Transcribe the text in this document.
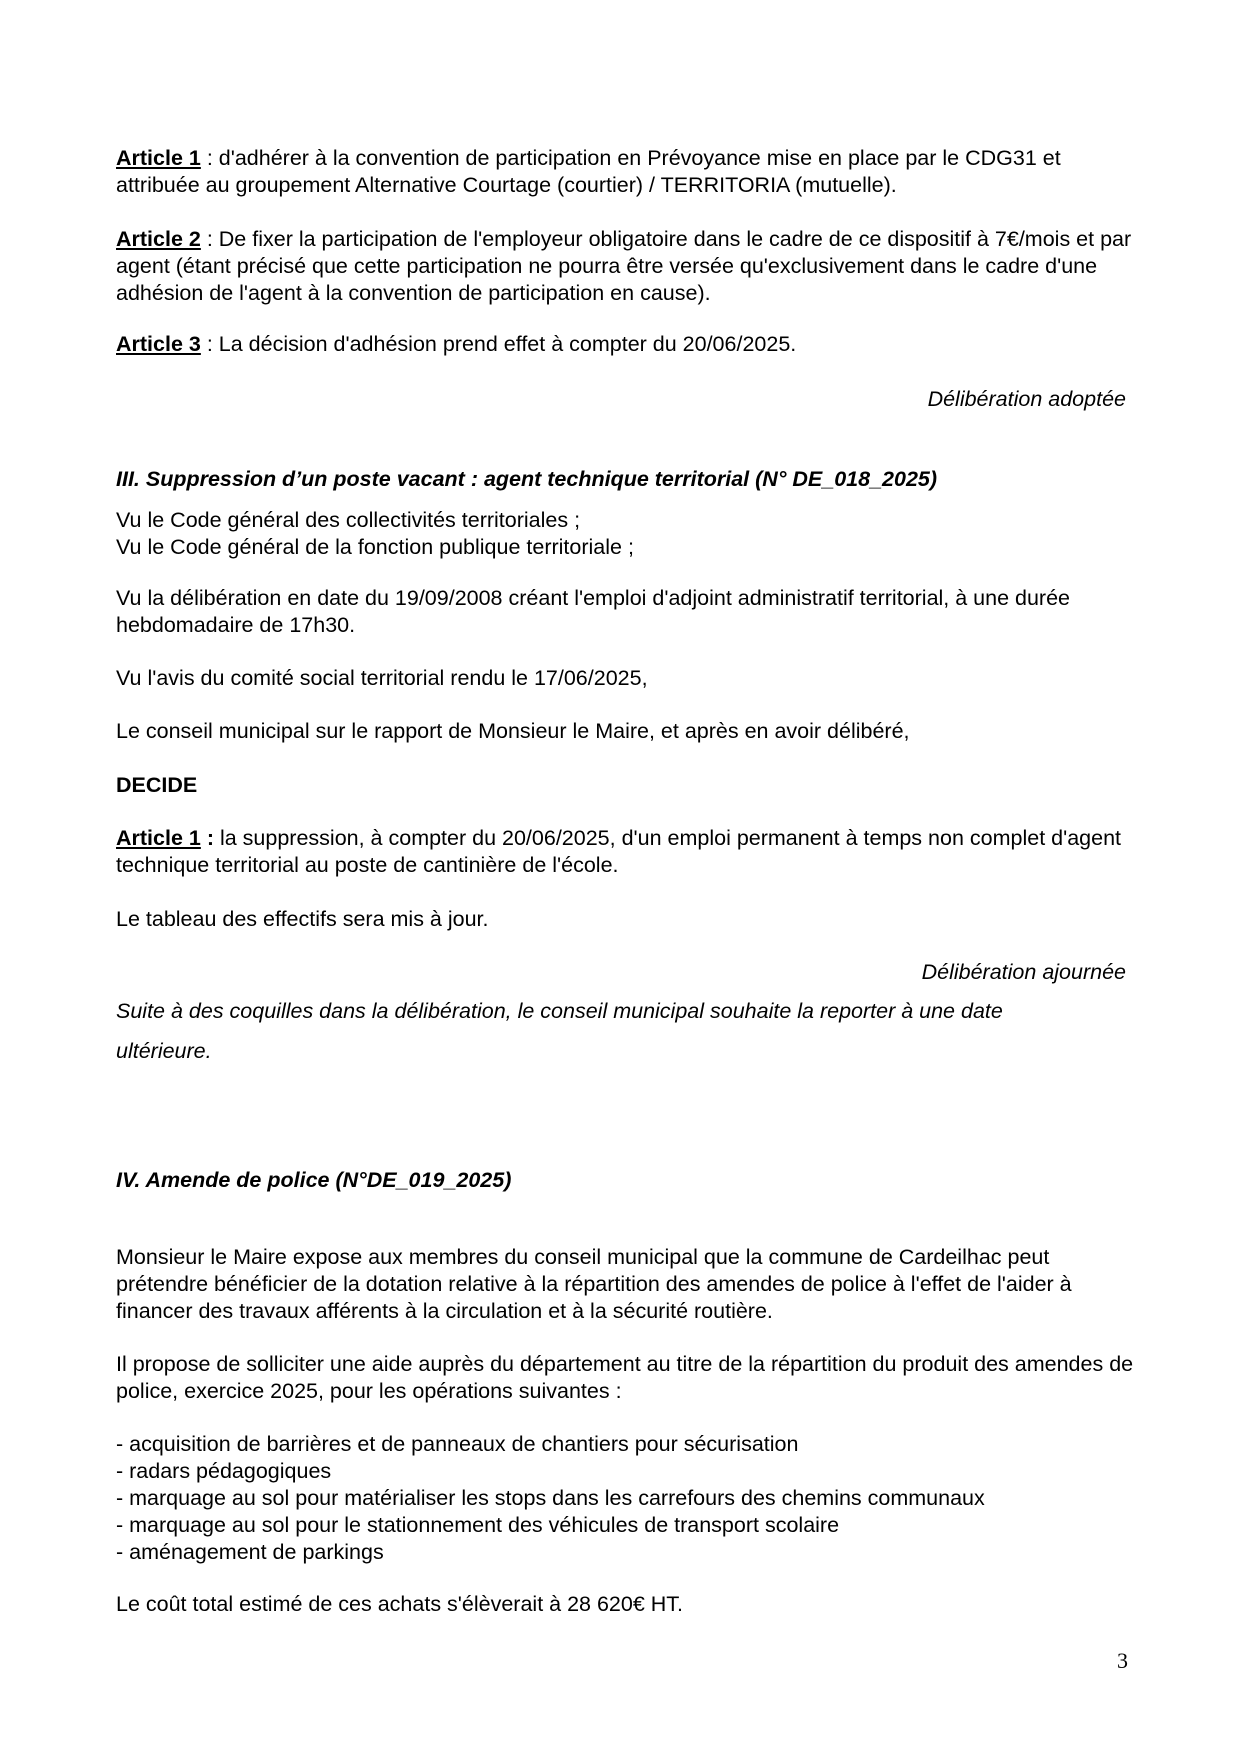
Article 1 : d'adhérer à la convention de participation en Prévoyance mise en place par le CDG31 et attribuée au groupement Alternative Courtage (courtier) / TERRITORIA (mutuelle).

Article 2 : De fixer la participation de l'employeur obligatoire dans le cadre de ce dispositif à 7€/mois et par agent (étant précisé que cette participation ne pourra être versée qu'exclusivement dans le cadre d'une adhésion de l'agent à la convention de participation en cause).

Article 3 : La décision d'adhésion prend effet à compter du 20/06/2025.

Délibération adoptée

III. Suppression d’un poste vacant : agent technique territorial (N° DE_018_2025)

Vu le Code général des collectivités territoriales ;

Vu le Code général de la fonction publique territoriale ;

Vu la délibération en date du 19/09/2008 créant l'emploi d'adjoint administratif territorial, à une durée hebdomadaire de 17h30.

Vu l'avis du comité social territorial rendu le 17/06/2025,

Le conseil municipal sur le rapport de Monsieur le Maire, et après en avoir délibéré,

DECIDE

Article 1 : la suppression, à compter du 20/06/2025, d'un emploi permanent à temps non complet d'agent technique territorial au poste de cantinière de l'école.

Le tableau des effectifs sera mis à jour.

Délibération ajournée

Suite à des coquilles dans la délibération, le conseil municipal souhaite la reporter à une date

ultérieure.

IV. Amende de police (N°DE_019_2025)

Monsieur le Maire expose aux membres du conseil municipal que la commune de Cardeilhac peut prétendre bénéficier de la dotation relative à la répartition des amendes de police à l'effet de l'aider à financer des travaux afférents à la circulation et à la sécurité routière.

Il propose de solliciter une aide auprès du département au titre de la répartition du produit des amendes de police, exercice 2025, pour les opérations suivantes :

- acquisition de barrières et de panneaux de chantiers pour sécurisation
- radars pédagogiques
- marquage au sol pour matérialiser les stops dans les carrefours des chemins communaux
- marquage au sol pour le stationnement des véhicules de transport scolaire
- aménagement de parkings

Le coût total estimé de ces achats s'élèverait à 28 620€ HT.

3
